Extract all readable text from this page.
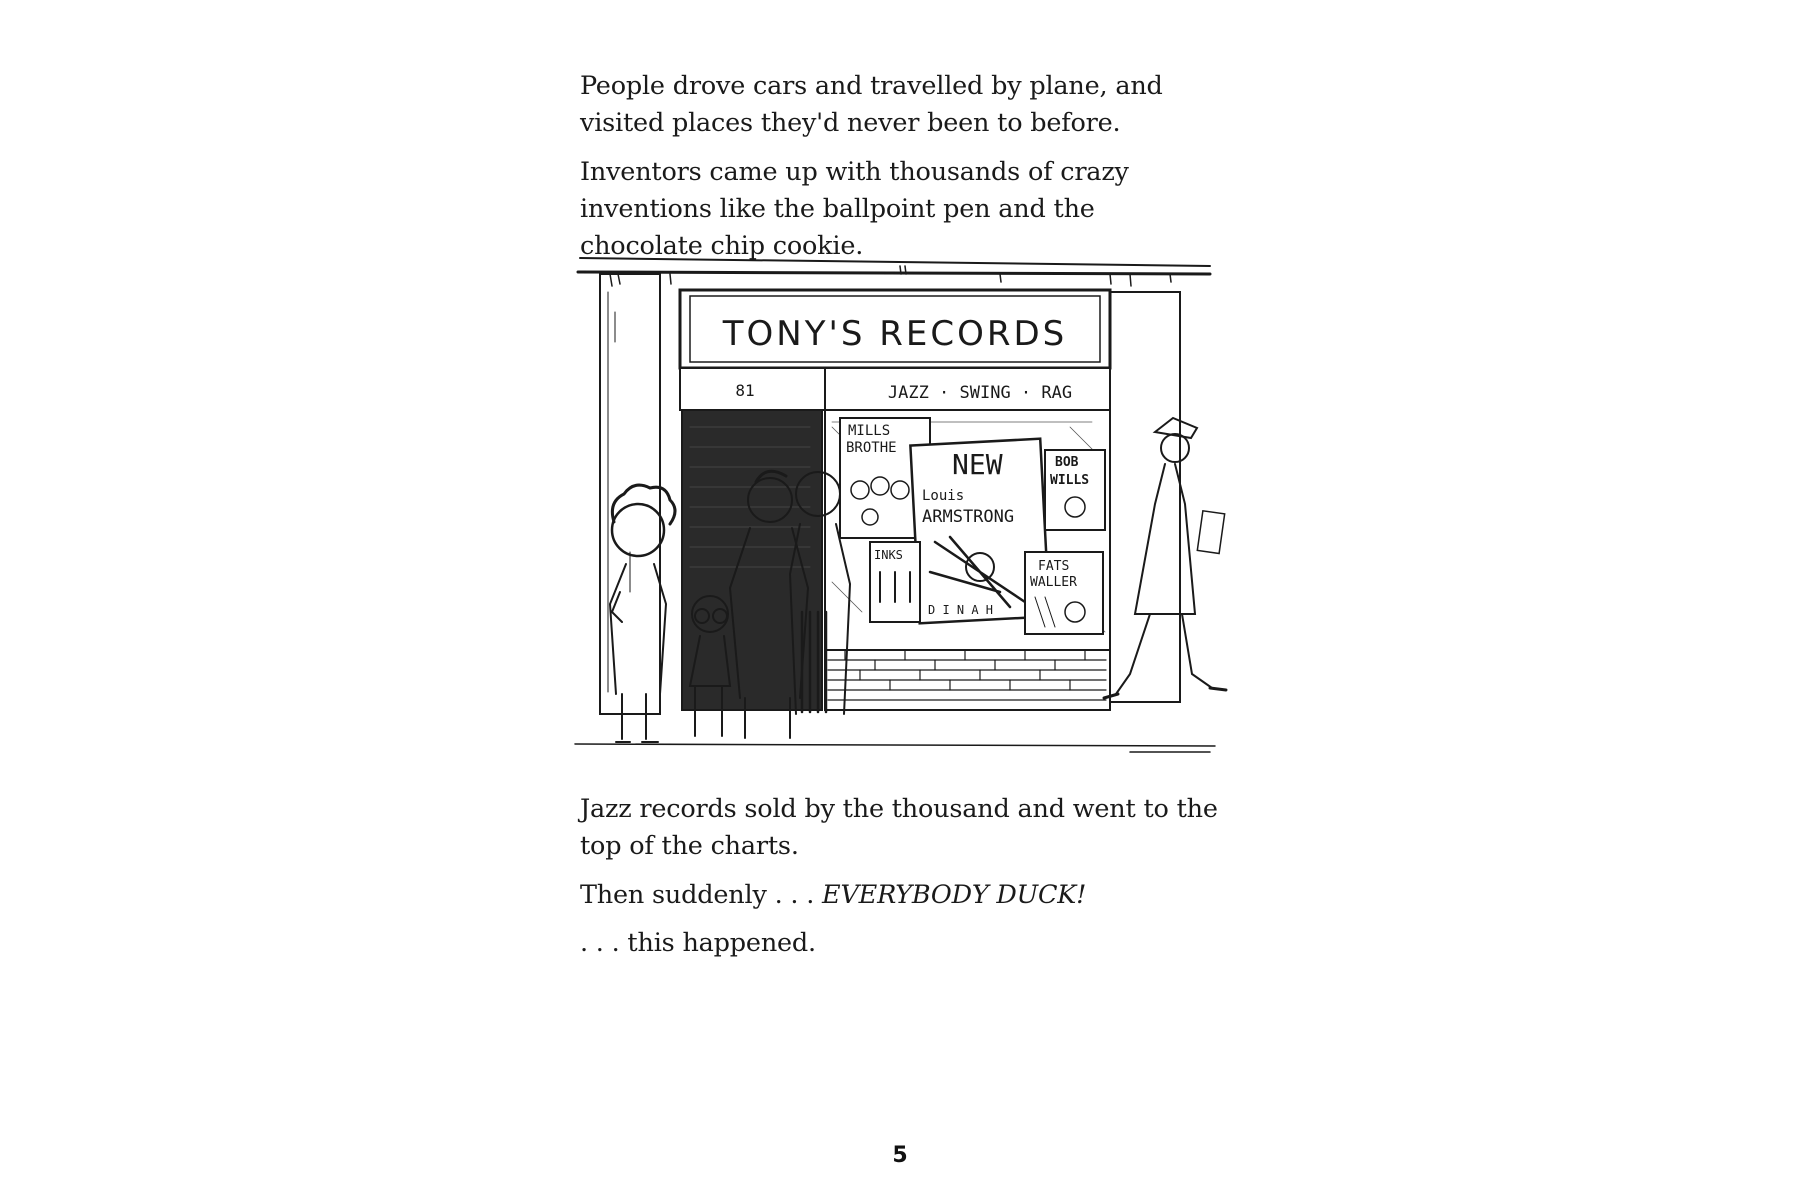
People drove cars and travelled by plane, and visited places they'd never been to before.

Inventors came up with thousands of crazy inventions like the ballpoint pen and the chocolate chip cookie.

TONY'S RECORDS
81	JAZZ · SWING · RAG
MILLS
BROTHE NEW
Louis
ARMSTRONG
D I N A H
BOB
WILLS
INKS
FATS
WALLER

Jazz records sold by the thousand and went to the top of the charts.

Then suddenly . . . EVERYBODY DUCK!

. . . this happened.

5
